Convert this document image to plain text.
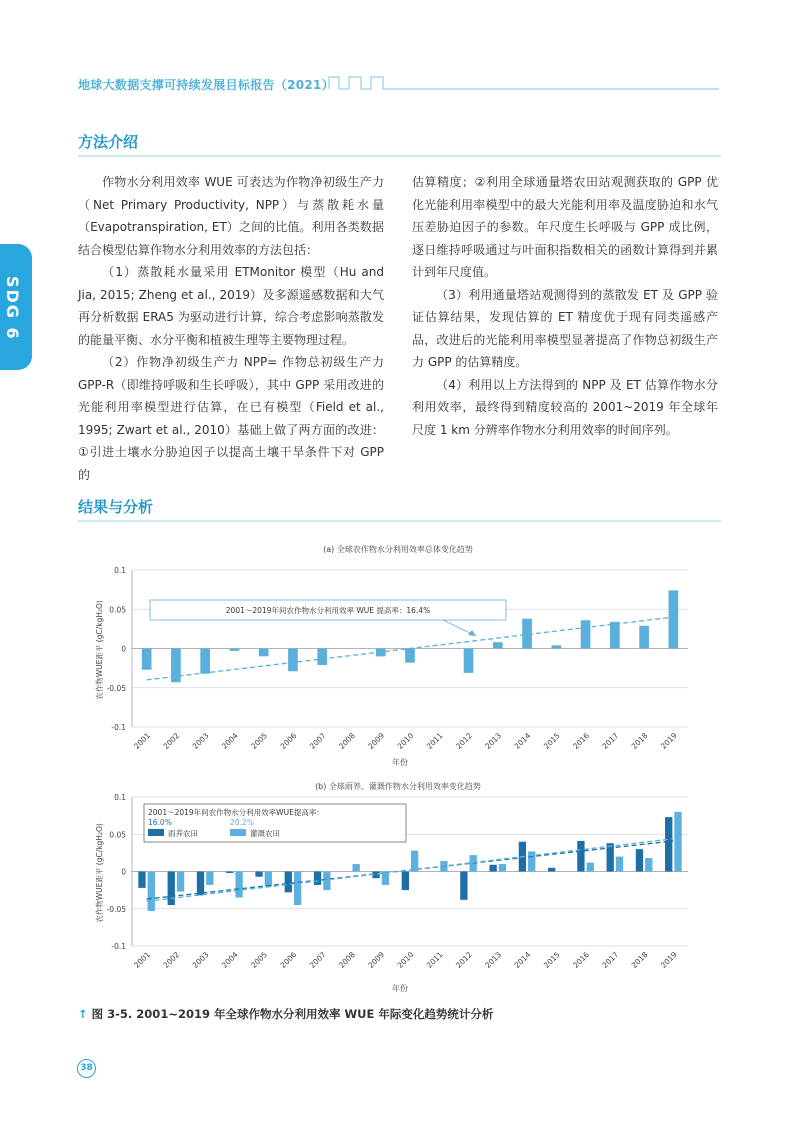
地球大数据支撑可持续发展目标报告（2021）
SDG 6
方法介绍

作物水分利用效率 WUE 可表达为作物净初级生产力（Net Primary Productivity, NPP）与蒸散耗水量（Evapotranspiration, ET）之间的比值。利用各类数据结合模型估算作物水分利用效率的方法包括：

（1）蒸散耗水量采用 ETMonitor 模型（Hu and Jia, 2015; Zheng et al., 2019）及多源遥感数据和大气再分析数据 ERA5 为驱动进行计算，综合考虑影响蒸散发的能量平衡、水分平衡和植被生理等主要物理过程。

（2）作物净初级生产力 NPP= 作物总初级生产力 GPP-R（即维持呼吸和生长呼吸），其中 GPP 采用改进的光能利用率模型进行估算，在已有模型（Field et al., 1995; Zwart et al., 2010）基础上做了两方面的改进：①引进土壤水分胁迫因子以提高土壤干旱条件下对 GPP 的

估算精度；②利用全球通量塔农田站观测获取的 GPP 优化光能利用率模型中的最大光能利用率及温度胁迫和水气压差胁迫因子的参数。年尺度生长呼吸与 GPP 成比例，逐日维持呼吸通过与叶面积指数相关的函数计算得到并累计到年尺度值。

（3）利用通量塔站观测得到的蒸散发 ET 及 GPP 验证估算结果，发现估算的 ET 精度优于现有同类遥感产品，改进后的光能利用率模型显著提高了作物总初级生产力 GPP 的估算精度。

（4）利用以上方法得到的 NPP 及 ET 估算作物水分利用效率，最终得到精度较高的 2001~2019 年全球年尺度 1 km 分辨率作物水分利用效率的时间序列。

结果与分析
(a) 全球农作物水分利用效率总体变化趋势
农作物WUE距平 (gC/kgH₂O)
年份
0.1
0.05
0
-0.05
-0.1
2001 2002 2003 2004 2005 2006 2007 2008 2009 2010 2011 2012 2013 2014 2015 2016 2017 2018 2019
2001～2019年间农作物水分利用效率 WUE 提高率：16.4%
(b) 全球雨养、灌溉作物水分利用效率变化趋势
农作物WUE距平 (gC/kgH₂O)
年份
0.1
0.05
0
-0.05
-0.1
2001 2002 2003 2004 2005 2006 2007 2008 2009 2010 2011 2012 2013 2014 2015 2016 2017 2018 2019
2001～2019年间农作物水分利用效率WUE提高率：
16.0%	20.2%
雨养农田	灌溉农田
↑ 图 3-5. 2001~2019 年全球作物水分利用效率 WUE 年际变化趋势统计分析
38
